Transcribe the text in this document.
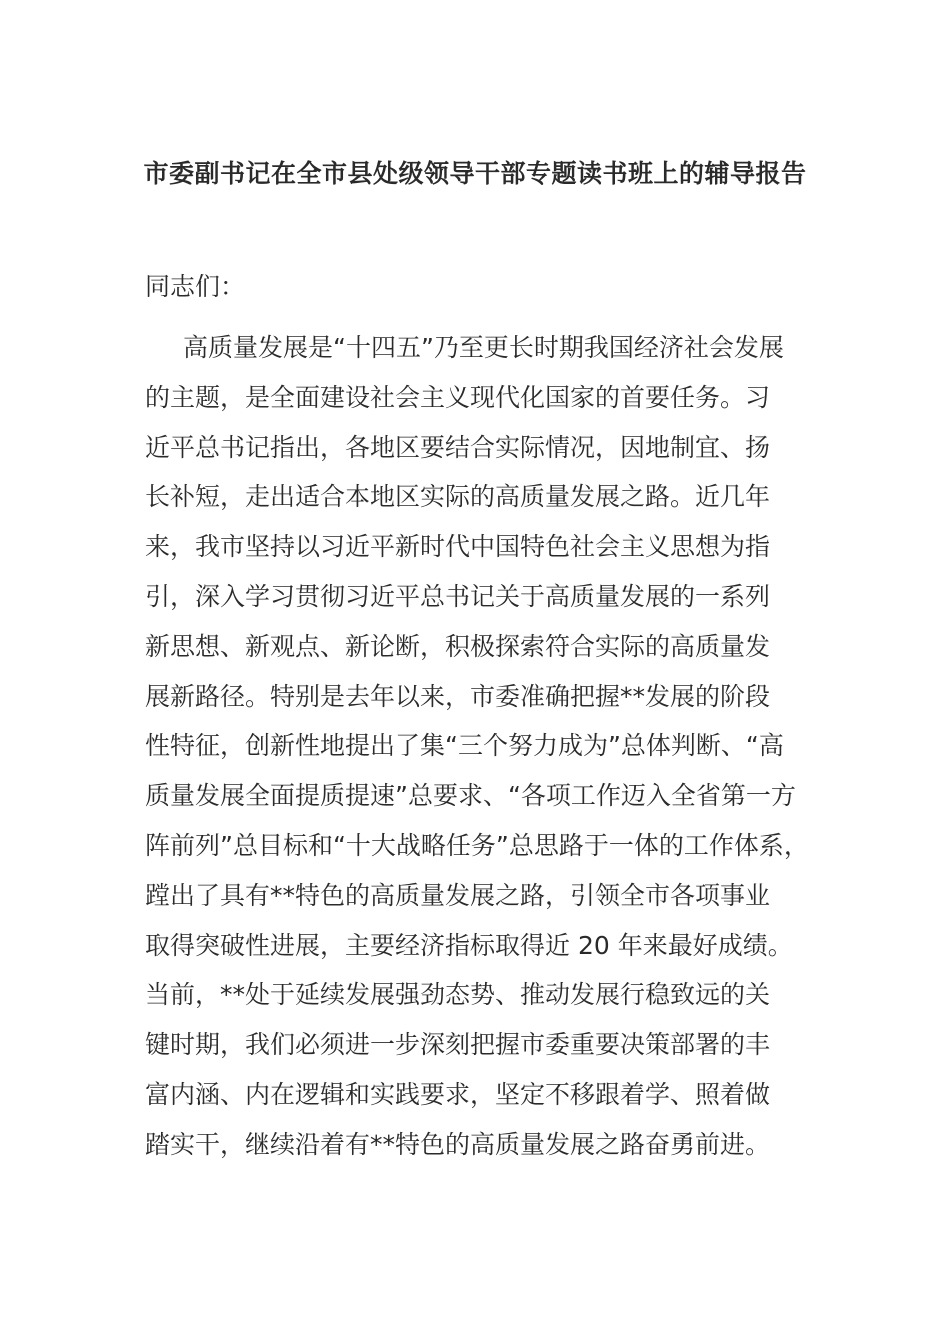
市委副书记在全市县处级领导干部专题读书班上的辅导报告
同志们：
高质量发展是“十四五”乃至更长时期我国经济社会发展
的主题，是全面建设社会主义现代化国家的首要任务。习
近平总书记指出，各地区要结合实际情况，因地制宜、扬
长补短，走出适合本地区实际的高质量发展之路。近几年
来，我市坚持以习近平新时代中国特色社会主义思想为指
引，深入学习贯彻习近平总书记关于高质量发展的一系列
新思想、新观点、新论断，积极探索符合实际的高质量发
展新路径。特别是去年以来，市委准确把握**发展的阶段
性特征，创新性地提出了集“三个努力成为”总体判断、“高
质量发展全面提质提速”总要求、“各项工作迈入全省第一方
阵前列”总目标和“十大战略任务”总思路于一体的工作体系，
蹚出了具有**特色的高质量发展之路，引领全市各项事业
取得突破性进展，主要经济指标取得近 20 年来最好成绩。
当前，**处于延续发展强劲态势、推动发展行稳致远的关
键时期，我们必须进一步深刻把握市委重要决策部署的丰
富内涵、内在逻辑和实践要求，坚定不移跟着学、照着做
踏实干，继续沿着有**特色的高质量发展之路奋勇前进。
